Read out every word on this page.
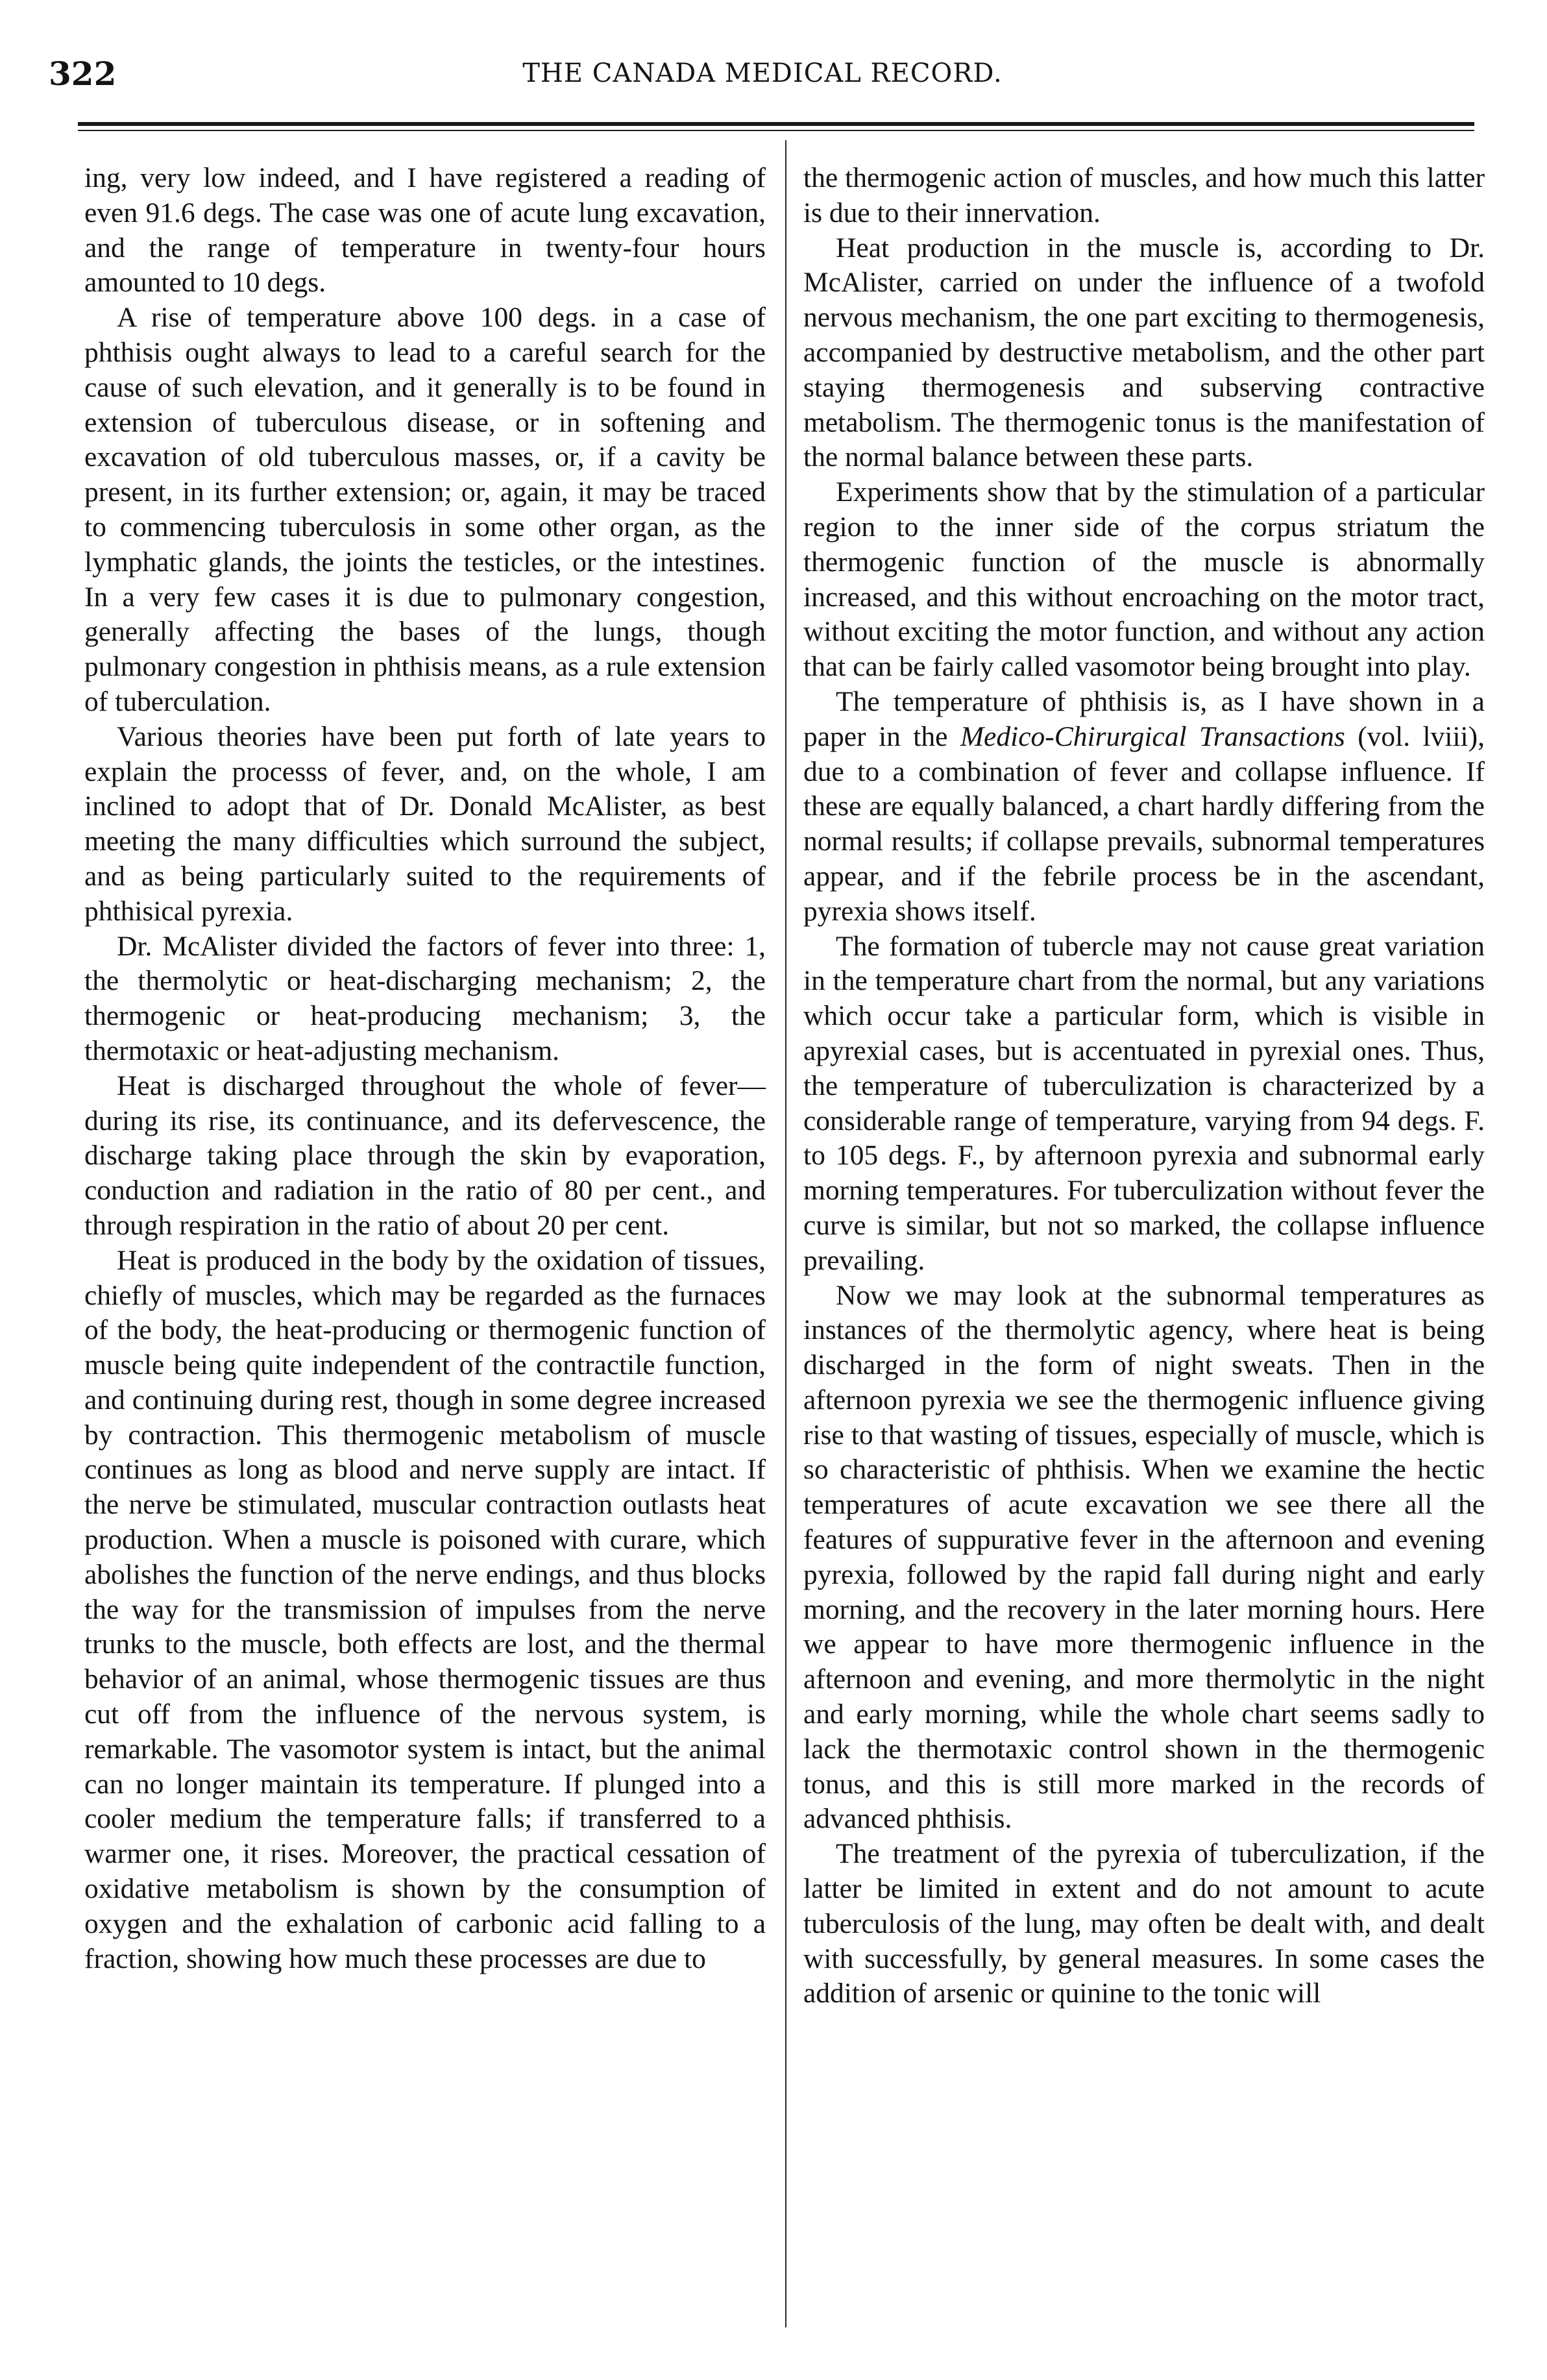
322	THE CANADA MEDICAL RECORD.

ing, very low indeed, and I have registered a reading of even 91.6 degs. The case was one of acute lung excavation, and the range of temperature in twenty-four hours amounted to 10 degs.

A rise of temperature above 100 degs. in a case of phthisis ought always to lead to a careful search for the cause of such elevation, and it generally is to be found in extension of tuberculous disease, or in softening and excavation of old tuberculous masses, or, if a cavity be present, in its further extension; or, again, it may be traced to commencing tuberculosis in some other organ, as the lymphatic glands, the joints the testicles, or the intestines. In a very few cases it is due to pulmonary congestion, generally affecting the bases of the lungs, though pulmonary congestion in phthisis means, as a rule extension of tuberculation.

Various theories have been put forth of late years to explain the processs of fever, and, on the whole, I am inclined to adopt that of Dr. Donald McAlister, as best meeting the many difficulties which surround the subject, and as being particularly suited to the requirements of phthisical pyrexia.

Dr. McAlister divided the factors of fever into three: 1, the thermolytic or heat-discharging mechanism; 2, the thermogenic or heat-producing mechanism; 3, the thermotaxic or heat-adjusting mechanism.

Heat is discharged throughout the whole of fever—during its rise, its continuance, and its defervescence, the discharge taking place through the skin by evaporation, conduction and radiation in the ratio of 80 per cent., and through respiration in the ratio of about 20 per cent.

Heat is produced in the body by the oxidation of tissues, chiefly of muscles, which may be regarded as the furnaces of the body, the heat-producing or thermogenic function of muscle being quite independent of the contractile function, and continuing during rest, though in some degree increased by contraction. This thermogenic metabolism of muscle continues as long as blood and nerve supply are intact. If the nerve be stimulated, muscular contraction outlasts heat production. When a muscle is poisoned with curare, which abolishes the function of the nerve endings, and thus blocks the way for the transmission of impulses from the nerve trunks to the muscle, both effects are lost, and the thermal behavior of an animal, whose thermogenic tissues are thus cut off from the influence of the nervous system, is remarkable. The vasomotor system is intact, but the animal can no longer maintain its temperature. If plunged into a cooler medium the temperature falls; if transferred to a warmer one, it rises. Moreover, the practical cessation of oxidative metabolism is shown by the consumption of oxygen and the exhalation of carbonic acid falling to a fraction, showing how much these processes are due to

the thermogenic action of muscles, and how much this latter is due to their innervation.

Heat production in the muscle is, according to Dr. McAlister, carried on under the influence of a twofold nervous mechanism, the one part exciting to thermogenesis, accompanied by destructive metabolism, and the other part staying thermogenesis and subserving contractive metabolism. The thermogenic tonus is the manifestation of the normal balance between these parts.

Experiments show that by the stimulation of a particular region to the inner side of the corpus striatum the thermogenic function of the muscle is abnormally increased, and this without encroaching on the motor tract, without exciting the motor function, and without any action that can be fairly called vasomotor being brought into play.

The temperature of phthisis is, as I have shown in a paper in the Medico-Chirurgical Transactions (vol. lviii), due to a combination of fever and collapse influence. If these are equally balanced, a chart hardly differing from the normal results; if collapse prevails, subnormal temperatures appear, and if the febrile process be in the ascendant, pyrexia shows itself.

The formation of tubercle may not cause great variation in the temperature chart from the normal, but any variations which occur take a particular form, which is visible in apyrexial cases, but is accentuated in pyrexial ones. Thus, the temperature of tuberculization is characterized by a considerable range of temperature, varying from 94 degs. F. to 105 degs. F., by afternoon pyrexia and subnormal early morning temperatures. For tuberculization without fever the curve is similar, but not so marked, the collapse influence prevailing.

Now we may look at the subnormal temperatures as instances of the thermolytic agency, where heat is being discharged in the form of night sweats. Then in the afternoon pyrexia we see the thermogenic influence giving rise to that wasting of tissues, especially of muscle, which is so characteristic of phthisis. When we examine the hectic temperatures of acute excavation we see there all the features of suppurative fever in the afternoon and evening pyrexia, followed by the rapid fall during night and early morning, and the recovery in the later morning hours. Here we appear to have more thermogenic influence in the afternoon and evening, and more thermolytic in the night and early morning, while the whole chart seems sadly to lack the thermotaxic control shown in the thermogenic tonus, and this is still more marked in the records of advanced phthisis.

The treatment of the pyrexia of tuberculization, if the latter be limited in extent and do not amount to acute tuberculosis of the lung, may often be dealt with, and dealt with successfully, by general measures. In some cases the addition of arsenic or quinine to the tonic will
